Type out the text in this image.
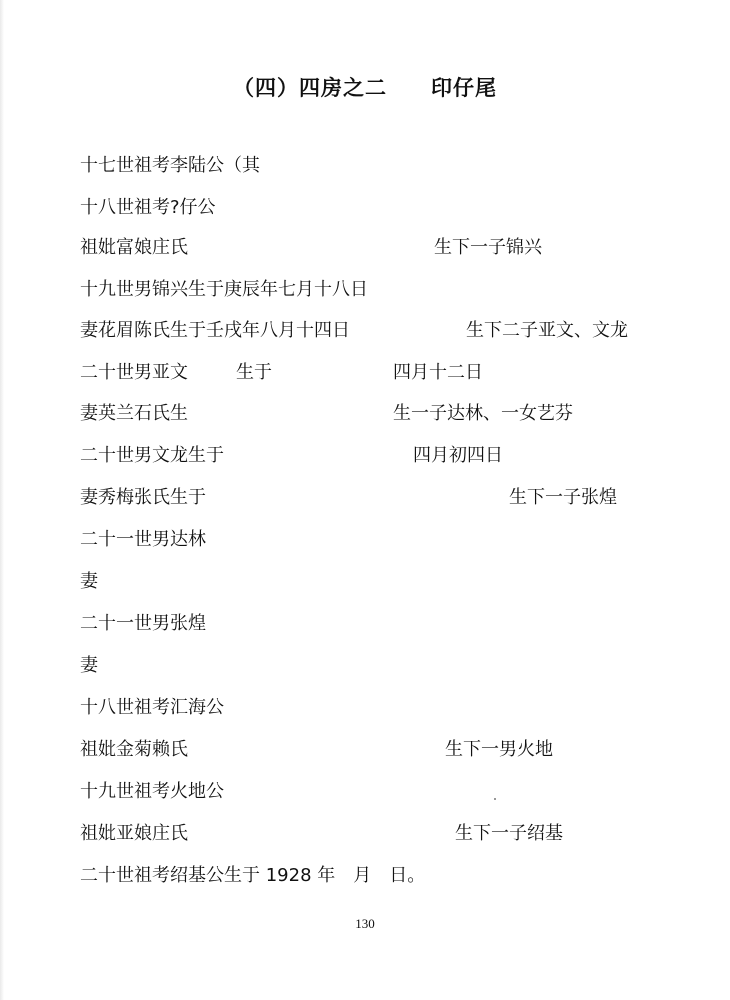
（四）四房之二　　印仔尾
十七世祖考李陆公（其
十八世祖考?仔公
祖妣富娘庄氏	生下一子锦兴
十九世男锦兴生于庚辰年七月十八日
妻花眉陈氏生于壬戌年八月十四日	生下二子亚文、文龙
二十世男亚文	生于	四月十二日
妻英兰石氏生	生一子达林、一女艺芬
二十世男文龙生于	四月初四日
妻秀梅张氏生于	生下一子张煌
二十一世男达林
妻
二十一世男张煌
妻
十八世祖考汇海公
祖妣金菊赖氏	生下一男火地
十九世祖考火地公
祖妣亚娘庄氏	生下一子绍基
二十世祖考绍基公生于 1928 年　月　日。
130
